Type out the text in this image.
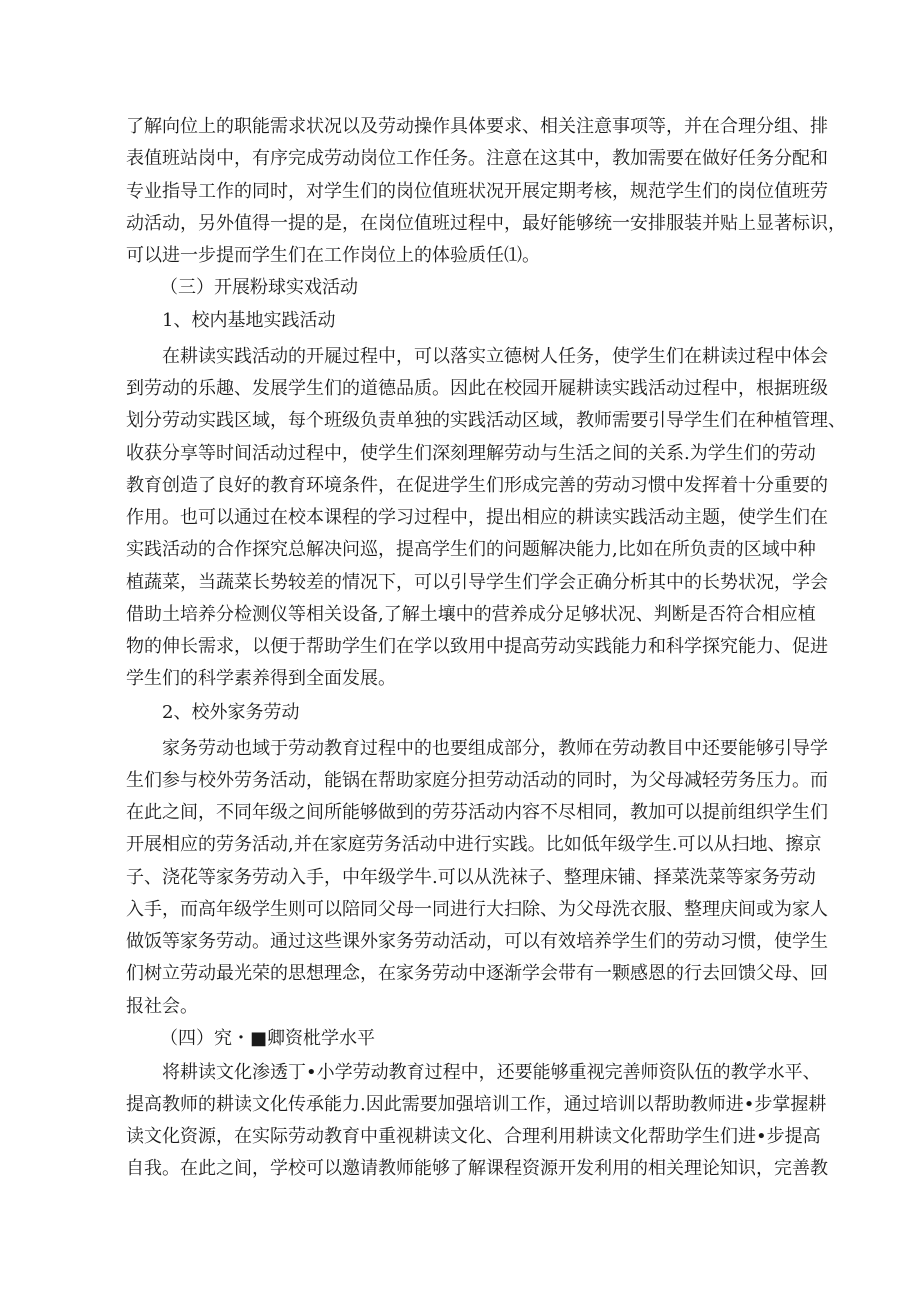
了解向位上的职能需求状况以及劳动操作具体要求、相关注意事项等，并在合理分组、排
表值班站岗中，有序完成劳动岗位工作任务。注意在这其中，教加需要在做好任务分配和
专业指导工作的同时，对学生们的岗位值班状况开展定期考核，规范学生们的岗位值班劳
动活动，另外值得一提的是，在岗位值班过程中，最好能够统一安排服装并贴上显著标识，
可以进一步提而学生们在工作岗位上的体验质任⑴。
（三）开展粉球实戏活动
1、校内基地实践活动
在耕读实践活动的开屣过程中，可以落实立德树人任务，使学生们在耕读过程中体会
到劳动的乐趣、发展学生们的道德品质。因此在校园开屣耕读实践活动过程中，根据班级
划分劳动实践区域，每个班级负责单独的实践活动区域，教师需要引导学生们在种植管理、
收获分享等时间活动过程中，使学生们深刻理解劳动与生活之间的关系.为学生们的劳动
教育创造了良好的教育环境条件，在促进学生们形成完善的劳动习惯中发挥着十分重要的
作用。也可以通过在校本课程的学习过程中，提出相应的耕读实践活动主题，使学生们在
实践活动的合作探究总解决问巡，提高学生们的问题解决能力,比如在所负责的区域中种
植蔬菜，当蔬菜长势较差的情况下，可以引导学生们学会正确分析其中的长势状况，学会
借助土培养分检测仪等相关设备,了解土壤中的营养成分足够状况、判断是否符合相应植
物的伸长需求，以便于帮助学生们在学以致用中提高劳动实践能力和科学探究能力、促进
学生们的科学素养得到全面发展。
2、校外家务劳动
家务劳动也域于劳动教育过程中的也要组成部分，教师在劳动教目中还要能够引导学
生们参与校外劳务活动，能锅在帮助家庭分担劳动活动的同时，为父母减轻劳务压力。而
在此之间，不同年级之间所能够做到的劳芬活动内容不尽相同，教加可以提前组织学生们
开展相应的劳务活动,并在家庭劳务活动中进行实践。比如低年级学生.可以从扫地、擦京
子、浇花等家务劳动入手，中年级学牛.可以从洗袜子、整理床铺、择菜洗菜等家务劳动
入手，而高年级学生则可以陪同父母一同进行大扫除、为父母洗衣服、整理庆间或为家人
做饭等家务劳动。通过这些课外家务劳动活动，可以有效培养学生们的劳动习惯，使学生
们树立劳动最光荣的思想理念，在家务劳动中逐渐学会带有一颗感恩的行去回馈父母、回
报社会。
（四）究・■卿资枇学水平
将耕读文化渗透丁•小学劳动教育过程中，还要能够重视完善师资队伍的教学水平、
提高教师的耕读文化传承能力.因此需要加强培训工作，通过培训以帮助教师进•步掌握耕
读文化资源，在实际劳动教育中重视耕读文化、合理利用耕读文化帮助学生们进•步提高
自我。在此之间，学校可以邀请教师能够了解课程资源开发利用的相关理论知识，完善教
